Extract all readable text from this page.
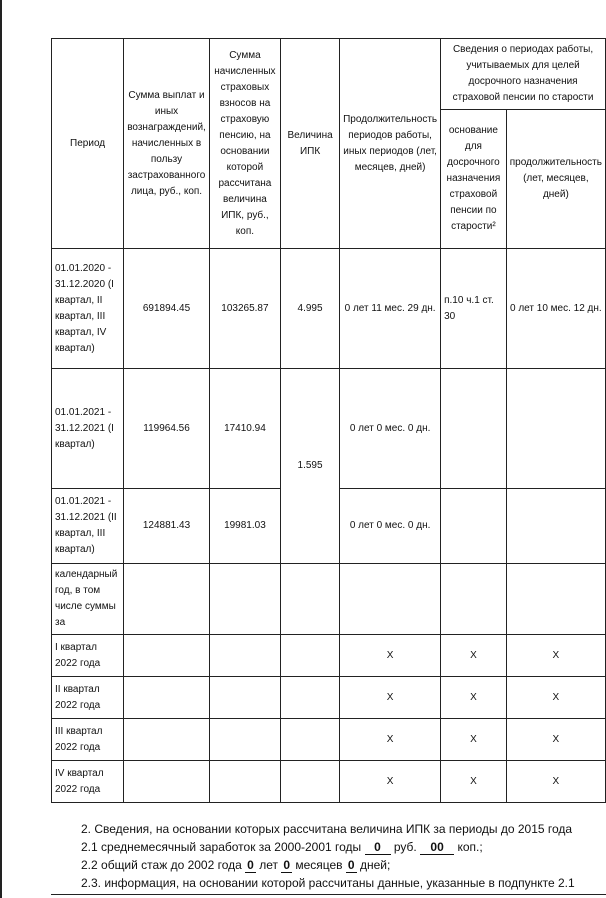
Период	Сумма выплат и иных вознаграждений, начисленных в пользу застрахованного лица, руб., коп.	Сумма начисленных страховых взносов на страховую пенсию, на основании которой рассчитана величина ИПК, руб., коп.	Величина ИПК	Продолжительность периодов работы, иных периодов (лет, месяцев, дней)	Сведения о периодах работы, учитываемых для целей досрочного назначения страховой пенсии по старости	
					основание для досрочного назначения страховой пенсии по старости²	продолжительность (лет, месяцев, дней)
01.01.2020 - 31.12.2020 (I квартал, II квартал, III квартал, IV квартал)	691894.45	103265.87	4.995	0 лет 11 мес. 29 дн.	п.10 ч.1 ст. 30	0 лет 10 мес. 12 дн.
01.01.2021 - 31.12.2021 (I квартал)	119964.56	17410.94	1.595	0 лет 0 мес. 0 дн.		
01.01.2021 - 31.12.2021 (II квартал, III квартал)	124881.43	19981.03		0 лет 0 мес. 0 дн.		
календарный год, в том числе суммы за						
I квартал 2022 года				X	X	X
II квартал 2022 года				X	X	X
III квартал 2022 года				X	X	X
IV квартал 2022 года				X	X	X
2. Сведения, на основании которых рассчитана величина ИПК за периоды до 2015 года
2.1 среднемесячный заработок за 2000-2001 годы 0 руб. 00 коп.;
2.2 общий стаж до 2002 года 0 лет 0 месяцев 0 дней;
2.3. информация, на основании которой рассчитаны данные, указанные в подпункте 2.1
